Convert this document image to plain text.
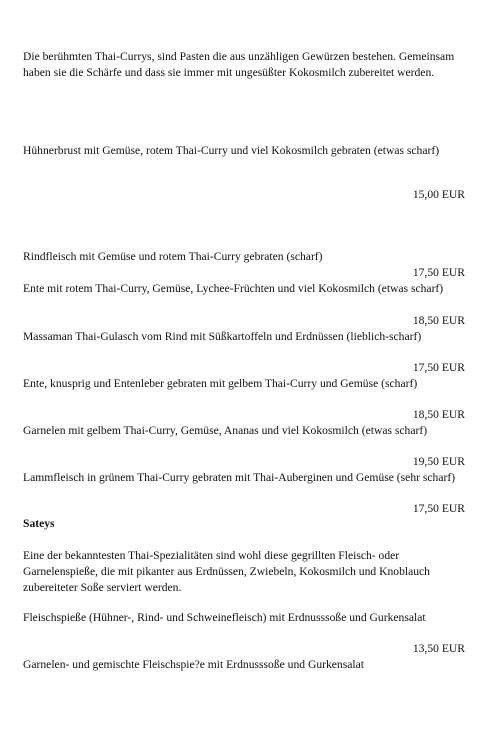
Die berühmten Thai-Currys, sind Pasten die aus unzähligen Gewürzen bestehen. Gemeinsam haben sie die Schärfe und dass sie immer mit ungesüßter Kokosmilch zubereitet werden.

Hühnerbrust mit Gemüse, rotem Thai-Curry und viel Kokosmilch gebraten (etwas scharf)

15,00 EUR

Rindfleisch mit Gemüse und rotem Thai-Curry gebraten (scharf)

17,50 EUR

Ente mit rotem Thai-Curry, Gemüse, Lychee-Früchten und viel Kokosmilch (etwas scharf)

18,50 EUR

Massaman Thai-Gulasch vom Rind mit Süßkartoffeln und Erdnüssen (lieblich-scharf)

17,50 EUR

Ente, knusprig und Entenleber gebraten mit gelbem Thai-Curry und Gemüse (scharf)

18,50 EUR

Garnelen mit gelbem Thai-Curry, Gemüse, Ananas und viel Kokosmilch (etwas scharf)

19,50 EUR

Lammfleisch in grünem Thai-Curry gebraten mit Thai-Auberginen und Gemüse (sehr scharf)

17,50 EUR
Sateys

Eine der bekanntesten Thai-Spezialitäten sind wohl diese gegrillten Fleisch- oder Garnelenspieße, die mit pikanter aus Erdnüssen, Zwiebeln, Kokosmilch und Knoblauch zubereiteter Soße serviert werden.

Fleischspieße (Hühner-, Rind- und Schweinefleisch) mit Erdnusssoße und Gurkensalat

13,50 EUR

Garnelen- und gemischte Fleischspie?e mit Erdnusssoße und Gurkensalat
